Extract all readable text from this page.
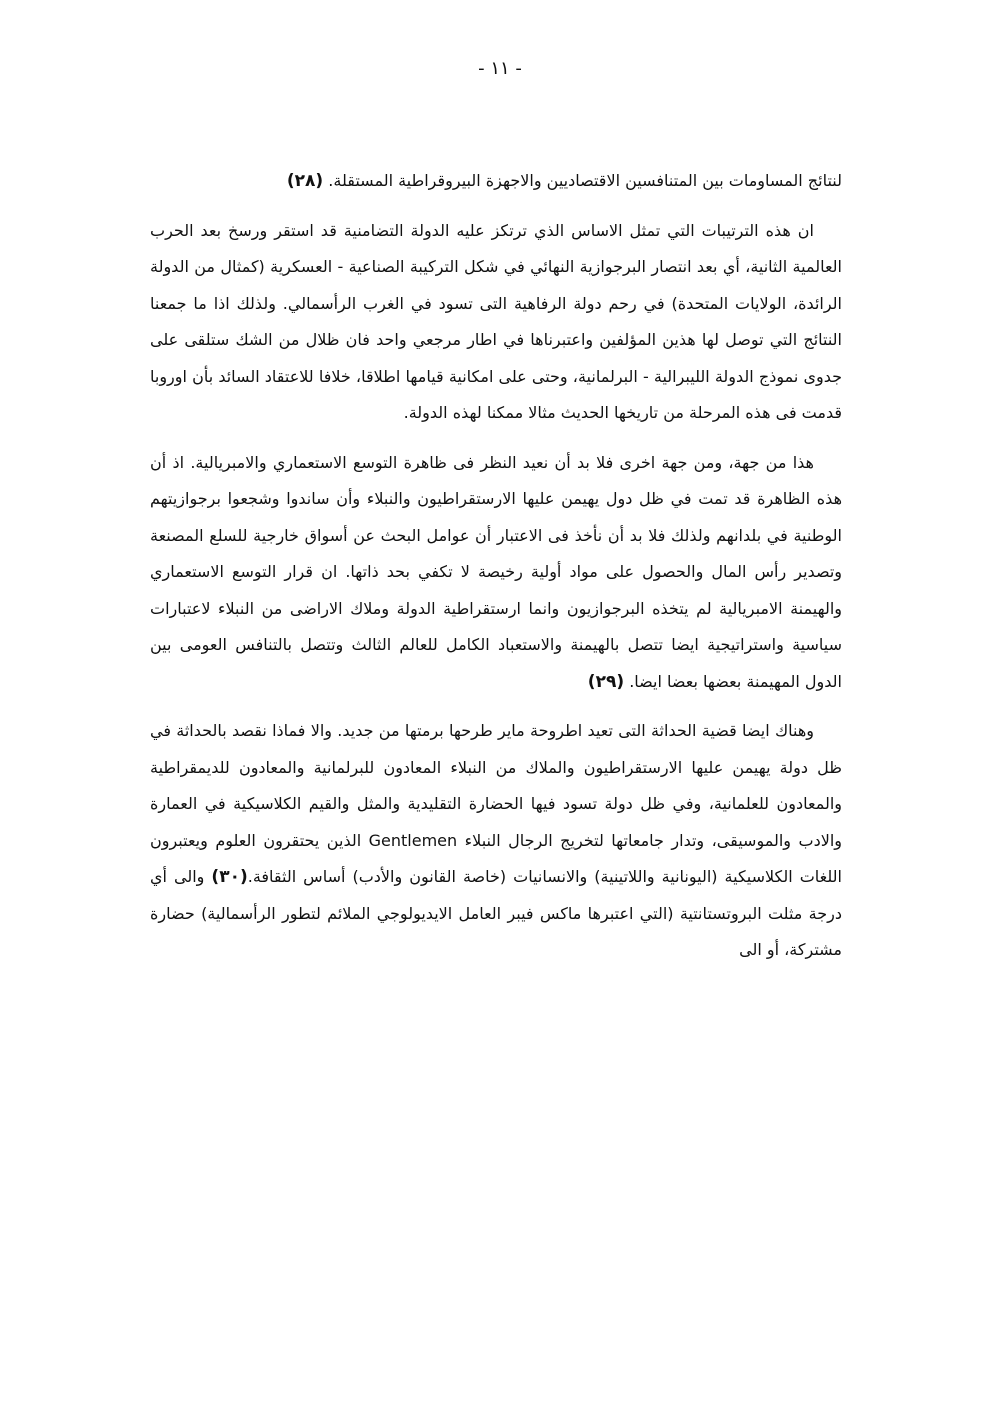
- ١١ -

لنتائج المساومات بين المتنافسين الاقتصاديين والاجهزة البيروقراطية المستقلة. (٢٨)

ان هذه الترتيبات التي تمثل الاساس الذي ترتكز عليه الدولة التضامنية قد استقر ورسخ بعد الحرب العالمية الثانية، أي بعد انتصار البرجوازية النهائي في شكل التركيبة الصناعية - العسكرية (كمثال من الدولة الرائدة، الولايات المتحدة) في رحم دولة الرفاهية التى تسود في الغرب الرأسمالي. ولذلك اذا ما جمعنا النتائج التي توصل لها هذين المؤلفين واعتبرناها في اطار مرجعي واحد فان ظلال من الشك ستلقى على جدوى نموذج الدولة الليبرالية - البرلمانية، وحتى على امكانية قيامها اطلاقا، خلافا للاعتقاد السائد بأن اوروبا قدمت فى هذه المرحلة من تاريخها الحديث مثالا ممكنا لهذه الدولة.

هذا من جهة، ومن جهة اخرى فلا بد أن نعيد النظر فى ظاهرة التوسع الاستعماري والامبريالية. اذ أن هذه الظاهرة قد تمت في ظل دول يهيمن عليها الارستقراطيون والنبلاء وأن ساندوا وشجعوا برجوازيتهم الوطنية في بلدانهم ولذلك فلا بد أن نأخذ فى الاعتبار أن عوامل البحث عن أسواق خارجية للسلع المصنعة وتصدير رأس المال والحصول على مواد أولية رخيصة لا تكفي بحد ذاتها. ان قرار التوسع الاستعماري والهيمنة الامبريالية لم يتخذه البرجوازيون وانما ارستقراطية الدولة وملاك الاراضى من النبلاء لاعتبارات سياسية واستراتيجية ايضا تتصل بالهيمنة والاستعباد الكامل للعالم الثالث وتتصل بالتنافس العومى بين الدول المهيمنة بعضها بعضا ايضا. (٢٩)

وهناك ايضا قضية الحداثة التى تعيد اطروحة ماير طرحها برمتها من جديد. والا فماذا نقصد بالحداثة في ظل دولة يهيمن عليها الارستقراطيون والملاك من النبلاء المعادون للبرلمانية والمعادون للديمقراطية والمعادون للعلمانية، وفي ظل دولة تسود فيها الحضارة التقليدية والمثل والقيم الكلاسيكية في العمارة والادب والموسيقى، وتدار جامعاتها لتخريج الرجال النبلاء Gentlemen الذين يحتقرون العلوم ويعتبرون اللغات الكلاسيكية (اليونانية واللاتينية) والانسانيات (خاصة القانون والأدب) أساس الثقافة.(٣٠) والى أي درجة مثلت البروتستانتية (التي اعتبرها ماكس فيبر العامل الايديولوجي الملائم لتطور الرأسمالية) حضارة مشتركة، أو الى
